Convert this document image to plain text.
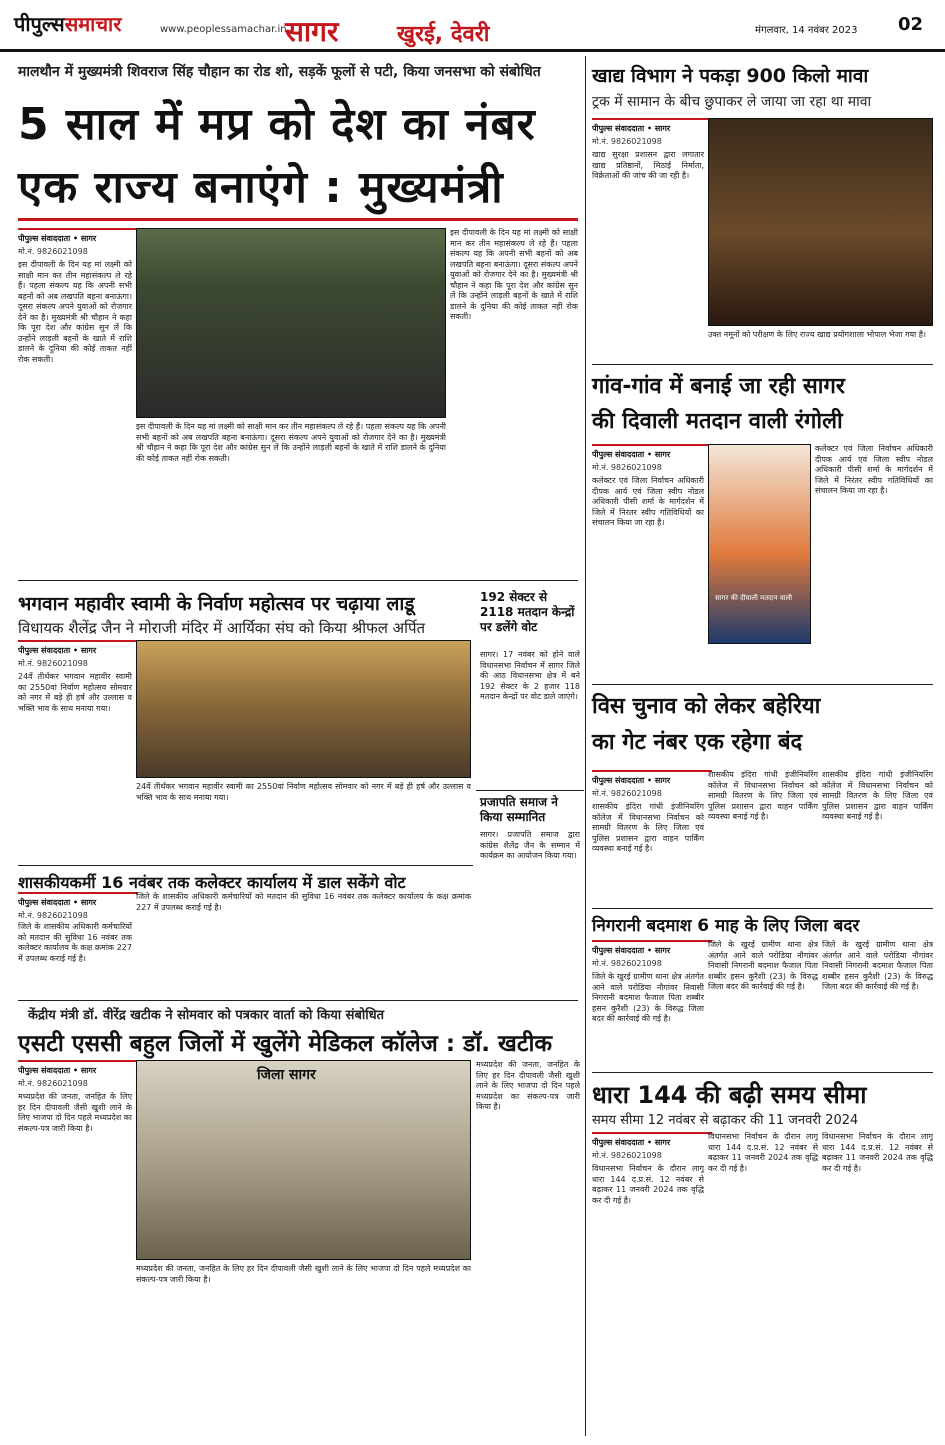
पीपुल्ससमाचार	www.peoplessamachar.in
सागर	खुरई, देवरी	मंगलवार, 14 नवंबर 2023 02
मालथौन में मुख्यमंत्री शिवराज सिंह चौहान का रोड शो, सड़कें फूलों से पटी, किया जनसभा को संबोधित
5 साल में मप्र को देश का नंबर
एक राज्य बनाएंगे : मुख्यमंत्री
पीपुल्स संवाददाता • सागर
मो.नं. 9826021098
इस दीपावली के दिन यह मां लक्ष्मी को साक्षी मान कर तीन महासंकल्प ले रहे हैं। पहला संकल्प यह कि अपनी सभी बहनों को अब लखपति बहना बनाऊंगा। दूसरा संकल्प अपने युवाओं को रोजगार देने का है। मुख्यमंत्री श्री चौहान ने कहा कि पूरा देश और कांग्रेस सुन लें कि उन्होंने लाड़ली बहनों के खाते में राशि डालने के दुनिया की कोई ताकत नहीं रोक सकती।
इस दीपावली के दिन यह मां लक्ष्मी को साक्षी मान कर तीन महासंकल्प ले रहे हैं। पहला संकल्प यह कि अपनी सभी बहनों को अब लखपति बहना बनाऊंगा। दूसरा संकल्प अपने युवाओं को रोजगार देने का है। मुख्यमंत्री श्री चौहान ने कहा कि पूरा देश और कांग्रेस सुन लें कि उन्होंने लाड़ली बहनों के खाते में राशि डालने के दुनिया की कोई ताकत नहीं रोक सकती।
इस दीपावली के दिन यह मां लक्ष्मी को साक्षी मान कर तीन महासंकल्प ले रहे हैं। पहला संकल्प यह कि अपनी सभी बहनों को अब लखपति बहना बनाऊंगा। दूसरा संकल्प अपने युवाओं को रोजगार देने का है। मुख्यमंत्री श्री चौहान ने कहा कि पूरा देश और कांग्रेस सुन लें कि उन्होंने लाड़ली बहनों के खाते में राशि डालने के दुनिया की कोई ताकत नहीं रोक सकती।
भगवान महावीर स्वामी के निर्वाण महोत्सव पर चढ़ाया लाडू
विधायक शैलेंद्र जैन ने मोराजी मंदिर में आर्यिका संघ को किया श्रीफल अर्पित
पीपुल्स संवाददाता • सागर
मो.नं. 9826021098
24वें तीर्थंकर भगवान महावीर स्वामी का 2550वां निर्वाण महोत्सव सोमवार को नगर में बड़े ही हर्ष और उल्लास व भक्ति भाव के साथ मनाया गया।
24वें तीर्थंकर भगवान महावीर स्वामी का 2550वां निर्वाण महोत्सव सोमवार को नगर में बड़े ही हर्ष और उल्लास व भक्ति भाव के साथ मनाया गया।
192 सेक्टर से 2118 मतदान केन्द्रों पर डलेंगे वोट
सागर। 17 नवंबर को होने वाले विधानसभा निर्वाचन में सागर जिले की आठ विधानसभा क्षेत्र में बने 192 सेक्टर के 2 हजार 118 मतदान केन्द्रों पर वोट डाले जाएंगे।
प्रजापति समाज ने किया सम्मानित
सागर। प्रजापति समाज द्वारा कांग्रेस शैलेंद्र जैन के सम्मान में कार्यक्रम का आयोजन किया गया।
शासकीयकर्मी 16 नवंबर तक कलेक्टर कार्यालय में डाल सकेंगे वोट
पीपुल्स संवाददाता • सागर
मो.नं. 9826021098
जिले के शासकीय अधिकारी कर्मचारियों को मतदान की सुविधा 16 नवंबर तक कलेक्टर कार्यालय के कक्ष क्रमांक 227 में उपलब्ध कराई गई है।
जिले के शासकीय अधिकारी कर्मचारियों को मतदान की सुविधा 16 नवंबर तक कलेक्टर कार्यालय के कक्ष क्रमांक 227 में उपलब्ध कराई गई है।
केंद्रीय मंत्री डॉ. वीरेंद्र खटीक ने सोमवार को पत्रकार वार्ता को किया संबोधित
एसटी एससी बहुल जिलों में खुलेंगे मेडिकल कॉलेज : डॉ. खटीक
पीपुल्स संवाददाता • सागर
मो.नं. 9826021098
मध्यप्रदेश की जनता, जनहित के लिए हर दिन दीपावली जैसी खुशी लाने के लिए भाजपा दो दिन पहले मध्यप्रदेश का संकल्प-पत्र जारी किया है।
जिला सागर
मध्यप्रदेश की जनता, जनहित के लिए हर दिन दीपावली जैसी खुशी लाने के लिए भाजपा दो दिन पहले मध्यप्रदेश का संकल्प-पत्र जारी किया है।
मध्यप्रदेश की जनता, जनहित के लिए हर दिन दीपावली जैसी खुशी लाने के लिए भाजपा दो दिन पहले मध्यप्रदेश का संकल्प-पत्र जारी किया है।
खाद्य विभाग ने पकड़ा 900 किलो मावा
ट्रक में सामान के बीच छुपाकर ले जाया जा रहा था मावा
पीपुल्स संवाददाता • सागर
मो.नं. 9826021098
खाद्य सुरक्षा प्रशासन द्वारा लगातार खाद्य प्रतिष्ठानों, मिठाई निर्माता, विक्रेताओं की जांच की जा रही है।
उक्त नमूनों को परीक्षण के लिए राज्य खाद्य प्रयोगशाला भोपाल भेजा गया है।
गांव-गांव में बनाई जा रही सागर
की दिवाली मतदान वाली रंगोली
पीपुल्स संवाददाता • सागर
मो.नं. 9826021098
कलेक्टर एवं जिला निर्वाचन अधिकारी दीपक आर्य एवं जिला स्वीप नोडल अधिकारी पीसी शर्मा के मार्गदर्शन में जिले में निरंतर स्वीप गतिविधियों का संचालन किया जा रहा है।
सागर की दीवाली मतदान वाली
कलेक्टर एवं जिला निर्वाचन अधिकारी दीपक आर्य एवं जिला स्वीप नोडल अधिकारी पीसी शर्मा के मार्गदर्शन में जिले में निरंतर स्वीप गतिविधियों का संचालन किया जा रहा है।
विस चुनाव को लेकर बहेरिया
का गेट नंबर एक रहेगा बंद
पीपुल्स संवाददाता • सागर
मो.नं. 9826021098
शासकीय इंदिरा गांधी इंजीनियरिंग कॉलेज में विधानसभा निर्वाचन को सामग्री वितरण के लिए जिला एवं पुलिस प्रशासन द्वारा वाहन पार्किंग व्यवस्था बनाई गई है।
शासकीय इंदिरा गांधी इंजीनियरिंग कॉलेज में विधानसभा निर्वाचन को सामग्री वितरण के लिए जिला एवं पुलिस प्रशासन द्वारा वाहन पार्किंग व्यवस्था बनाई गई है।
शासकीय इंदिरा गांधी इंजीनियरिंग कॉलेज में विधानसभा निर्वाचन को सामग्री वितरण के लिए जिला एवं पुलिस प्रशासन द्वारा वाहन पार्किंग व्यवस्था बनाई गई है।
निगरानी बदमाश 6 माह के लिए जिला बदर
पीपुल्स संवाददाता • सागर
मो.नं. 9826021098
जिले के खुरई ग्रामीण थाना क्षेत्र अंतर्गत आने वाले परोडिया नौगांवर निवासी निगरानी बदमाश फैजाल पिता शब्बीर हसन कुरैशी (23) के विरुद्ध जिला बदर की कार्रवाई की गई है।
जिले के खुरई ग्रामीण थाना क्षेत्र अंतर्गत आने वाले परोडिया नौगांवर निवासी निगरानी बदमाश फैजाल पिता शब्बीर हसन कुरैशी (23) के विरुद्ध जिला बदर की कार्रवाई की गई है।
जिले के खुरई ग्रामीण थाना क्षेत्र अंतर्गत आने वाले परोडिया नौगांवर निवासी निगरानी बदमाश फैजाल पिता शब्बीर हसन कुरैशी (23) के विरुद्ध जिला बदर की कार्रवाई की गई है।
धारा 144 की बढ़ी समय सीमा
समय सीमा 12 नवंबर से बढ़ाकर की 11 जनवरी 2024
पीपुल्स संवाददाता • सागर
मो.नं. 9826021098
विधानसभा निर्वाचन के दौरान लागू धारा 144 द.प्र.सं. 12 नवंबर से बढ़ाकर 11 जनवरी 2024 तक वृद्धि कर दी गई है।
विधानसभा निर्वाचन के दौरान लागू धारा 144 द.प्र.सं. 12 नवंबर से बढ़ाकर 11 जनवरी 2024 तक वृद्धि कर दी गई है।
विधानसभा निर्वाचन के दौरान लागू धारा 144 द.प्र.सं. 12 नवंबर से बढ़ाकर 11 जनवरी 2024 तक वृद्धि कर दी गई है।
